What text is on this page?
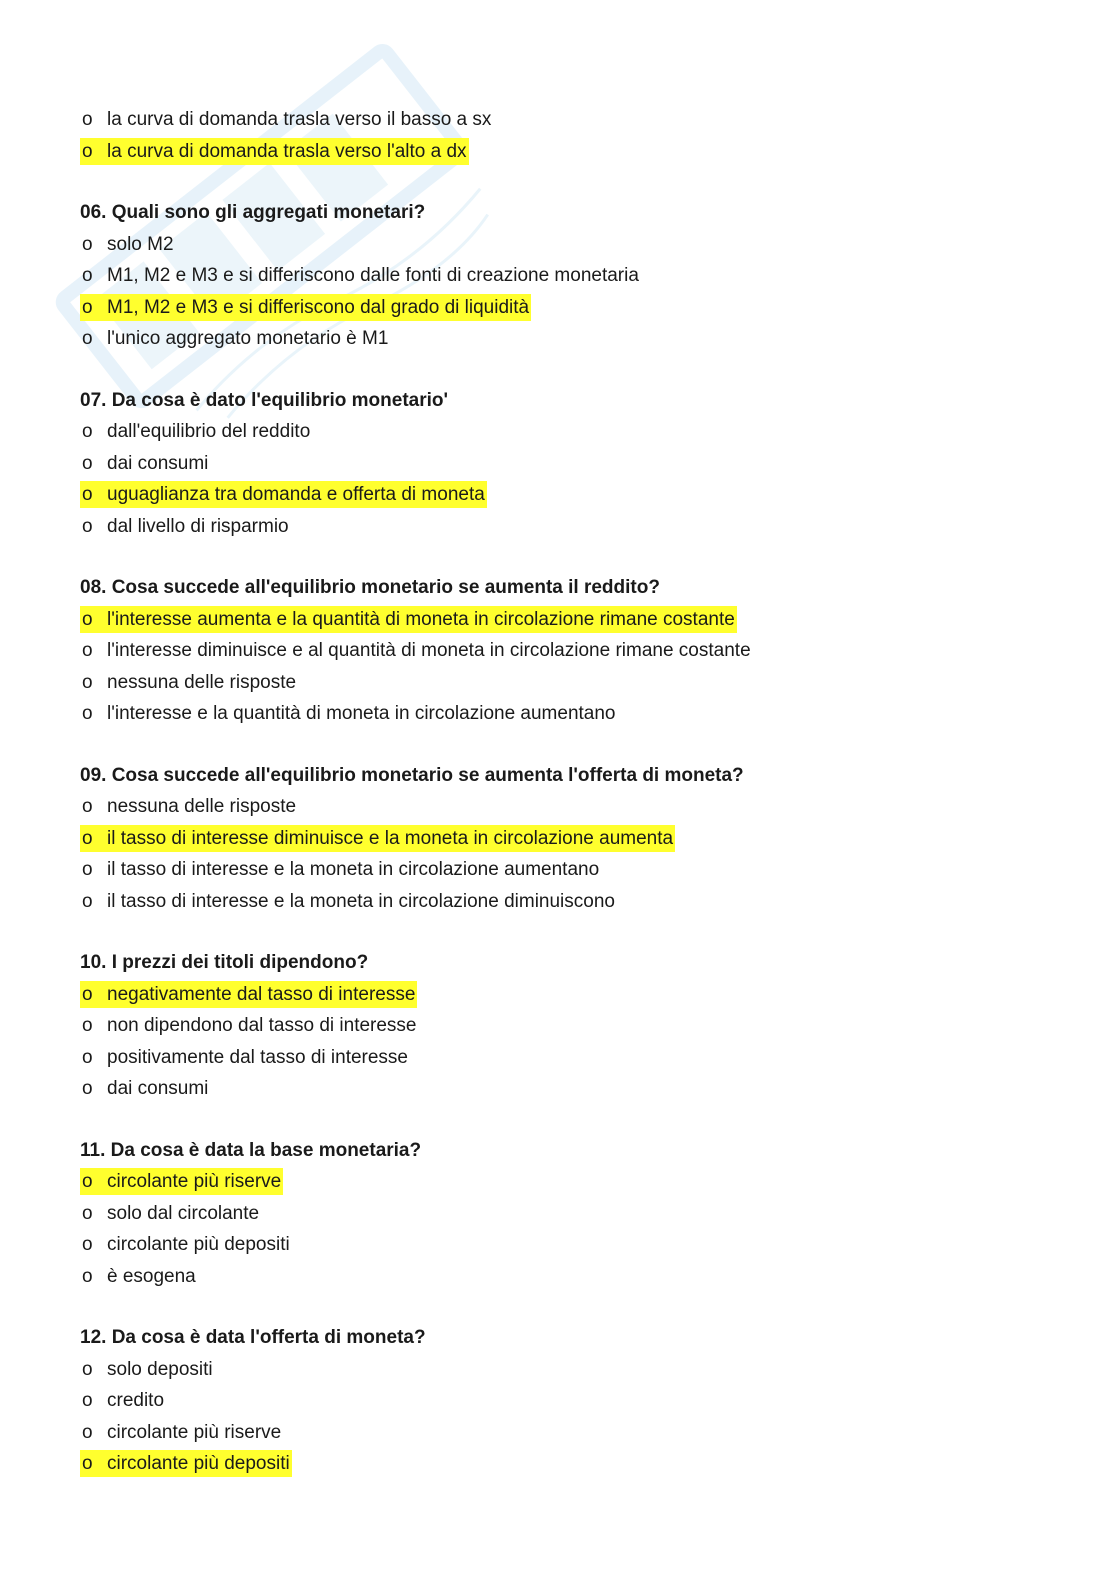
o la curva di domanda trasla verso il basso a sx
o la curva di domanda trasla verso l'alto a dx
06. Quali sono gli aggregati monetari?
o solo M2
o M1, M2 e M3 e si differiscono dalle fonti di creazione monetaria
o M1, M2 e M3 e si differiscono dal grado di liquidità
o l'unico aggregato monetario è M1
07. Da cosa è dato l'equilibrio monetario'
o dall'equilibrio del reddito
o dai consumi
o uguaglianza tra domanda e offerta di moneta
o dal livello di risparmio
08. Cosa succede all'equilibrio monetario se aumenta il reddito?
o l'interesse aumenta e la quantità di moneta in circolazione rimane costante
o l'interesse diminuisce e al quantità di moneta in circolazione rimane costante
o nessuna delle risposte
o l'interesse e la quantità di moneta in circolazione aumentano
09. Cosa succede all'equilibrio monetario se aumenta l'offerta di moneta?
o nessuna delle risposte
o il tasso di interesse diminuisce e la moneta in circolazione aumenta
o il tasso di interesse e la moneta in circolazione aumentano
o il tasso di interesse e la moneta in circolazione diminuiscono
10. I prezzi dei titoli dipendono?
o negativamente dal tasso di interesse
o non dipendono dal tasso di interesse
o positivamente dal tasso di interesse
o dai consumi
11. Da cosa è data la base monetaria?
o circolante più riserve
o solo dal circolante
o circolante più depositi
o è esogena
12. Da cosa è data l'offerta di moneta?
o solo depositi
o credito
o circolante più riserve
o circolante più depositi
